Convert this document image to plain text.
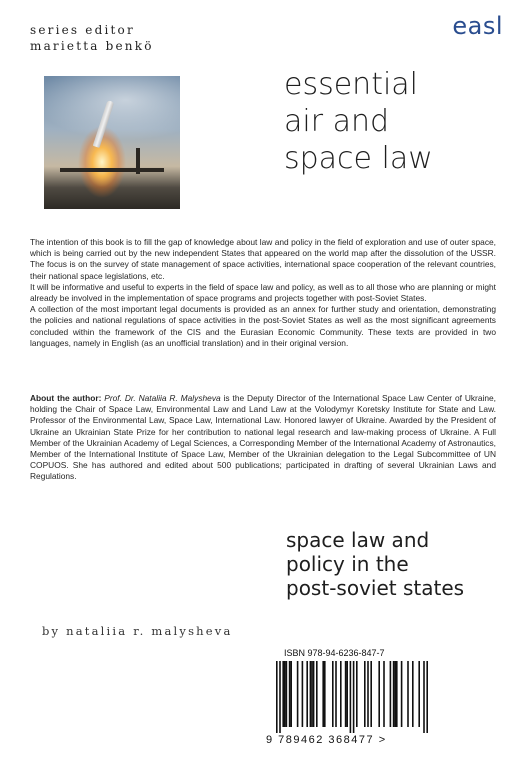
series editor
marietta benkö
easl
essential
air and
space law

The intention of this book is to fill the gap of knowledge about law and policy in the field of exploration and use of outer space, which is being carried out by the new independent States that appeared on the world map after the dissolution of the USSR. The focus is on the survey of state management of space activities, international space cooperation of the relevant countries, their national space legislations, etc.

It will be informative and useful to experts in the field of space law and policy, as well as to all those who are planning or might already be involved in the implementation of space programs and projects together with post-Soviet States.

A collection of the most important legal documents is provided as an annex for further study and orientation, demonstrating the policies and national regulations of space activities in the post-Soviet States as well as the most significant agreements concluded within the framework of the CIS and the Eurasian Economic Community. These texts are provided in two languages, namely in English (as an unofficial translation) and in their original version.

About the author: Prof. Dr. Nataliia R. Malysheva is the Deputy Director of the International Space Law Center of Ukraine, holding the Chair of Space Law, Environmental Law and Land Law at the Volodymyr Koretsky Institute for State and Law. Professor of the Environmental Law, Space Law, International Law. Honored lawyer of Ukraine. Awarded by the President of Ukraine an Ukrainian State Prize for her contribution to national legal research and law-making process of Ukraine. A Full Member of the Ukrainian Academy of Legal Sciences, a Corresponding Member of the International Academy of Astronautics, Member of the International Institute of Space Law, Member of the Ukrainian delegation to the Legal Subcommittee of UN COPUOS. She has authored and edited about 500 publications; participated in drafting of several Ukrainian Laws and Regulations.
space law and
policy in the
post-soviet states
by nataliia r. malysheva
ISBN 978-94-6236-847-7
9 789462 368477 >
